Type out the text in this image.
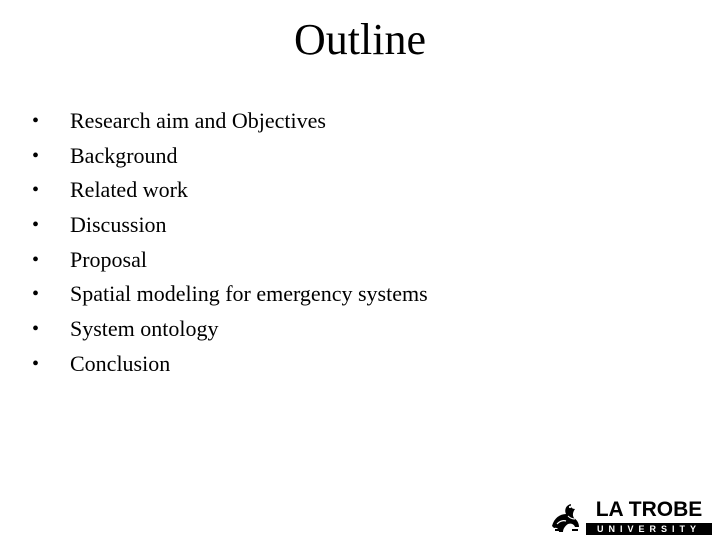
Outline
•	Research aim and Objectives
•	Background
•	Related work
•	Discussion
•	Proposal
•	Spatial modeling for emergency systems
•	System ontology
•	Conclusion
LA TROBE
UNIVERSITY
